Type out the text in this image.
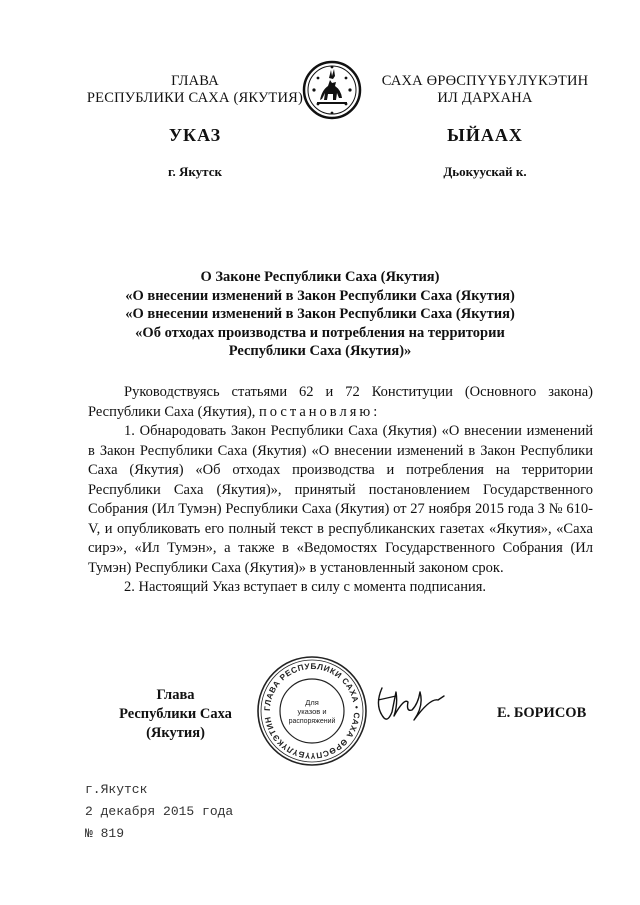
ГЛАВА
РЕСПУБЛИКИ САХА (ЯКУТИЯ)
САХА ӨРӨСПҮҮБҮЛҮКЭТИН
ИЛ ДАРХАНА
УКАЗ	ЫЙААХ
г. Якутск	Дьокуускай к.
О Законе Республики Саха (Якутия)
«О внесении изменений в Закон Республики Саха (Якутия)
«О внесении изменений в Закон Республики Саха (Якутия)
«Об отходах производства и потребления на территории
Республики Саха (Якутия)»

Руководствуясь статьями 62 и 72 Конституции (Основного закона) Республики Саха (Якутия), постановляю:

1. Обнародовать Закон Республики Саха (Якутия) «О внесении изменений в Закон Республики Саха (Якутия) «О внесении изменений в Закон Республики Саха (Якутия) «Об отходах производства и потребления на территории Республики Саха (Якутия)», принятый постановлением Государственного Собрания (Ил Тумэн) Республики Саха (Якутия) от 27 ноября 2015 года З № 610-V, и опубликовать его полный текст в республиканских газетах «Якутия», «Саха сирэ», «Ил Тумэн», а также в «Ведомостях Государственного Собрания (Ил Тумэн) Республики Саха (Якутия)» в установленный законом срок.

2. Настоящий Указ вступает в силу с момента подписания.

Глава
Республики Саха (Якутия)
ГЛАВА РЕСПУБЛИКИ САХА • САХА ӨРӨСПҮҮБҮЛҮКЭТИН
Для
указов и
распоряжений
Е. БОРИСОВ
г.Якутск
2 декабря 2015 года
№ 819
